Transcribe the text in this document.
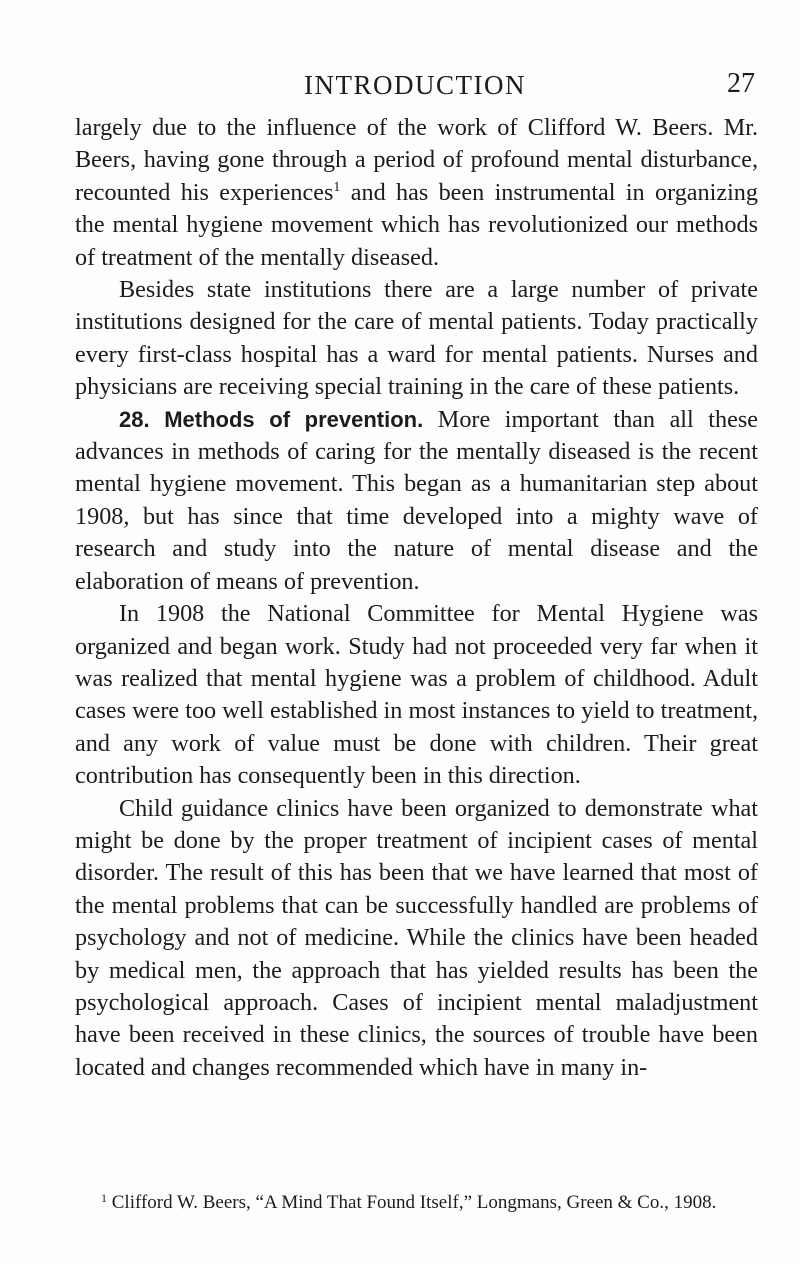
INTRODUCTION	27

largely due to the influence of the work of Clifford W. Beers. Mr. Beers, having gone through a period of profound mental disturbance, recounted his experiences$^1$ and has been instrumental in organizing the mental hygiene movement which has revolutionized our methods of treatment of the mentally diseased.

Besides state institutions there are a large number of private institutions designed for the care of mental patients. Today practically every first-class hospital has a ward for mental patients. Nurses and physicians are receiving special training in the care of these patients.

28. Methods of prevention. More important than all these advances in methods of caring for the mentally diseased is the recent mental hygiene movement. This began as a humanitarian step about 1908, but has since that time developed into a mighty wave of research and study into the nature of mental disease and the elaboration of means of prevention.

In 1908 the National Committee for Mental Hygiene was organized and began work. Study had not proceeded very far when it was realized that mental hygiene was a problem of childhood. Adult cases were too well established in most instances to yield to treatment, and any work of value must be done with children. Their great contribution has consequently been in this direction.

Child guidance clinics have been organized to demonstrate what might be done by the proper treatment of incipient cases of mental disorder. The result of this has been that we have learned that most of the mental problems that can be successfully handled are problems of psychology and not of medicine. While the clinics have been headed by medical men, the approach that has yielded results has been the psychological approach. Cases of incipient mental maladjustment have been received in these clinics, the sources of trouble have been located and changes recommended which have in many in-

$^1$ Clifford W. Beers, “A Mind That Found Itself,” Longmans, Green & Co., 1908.
